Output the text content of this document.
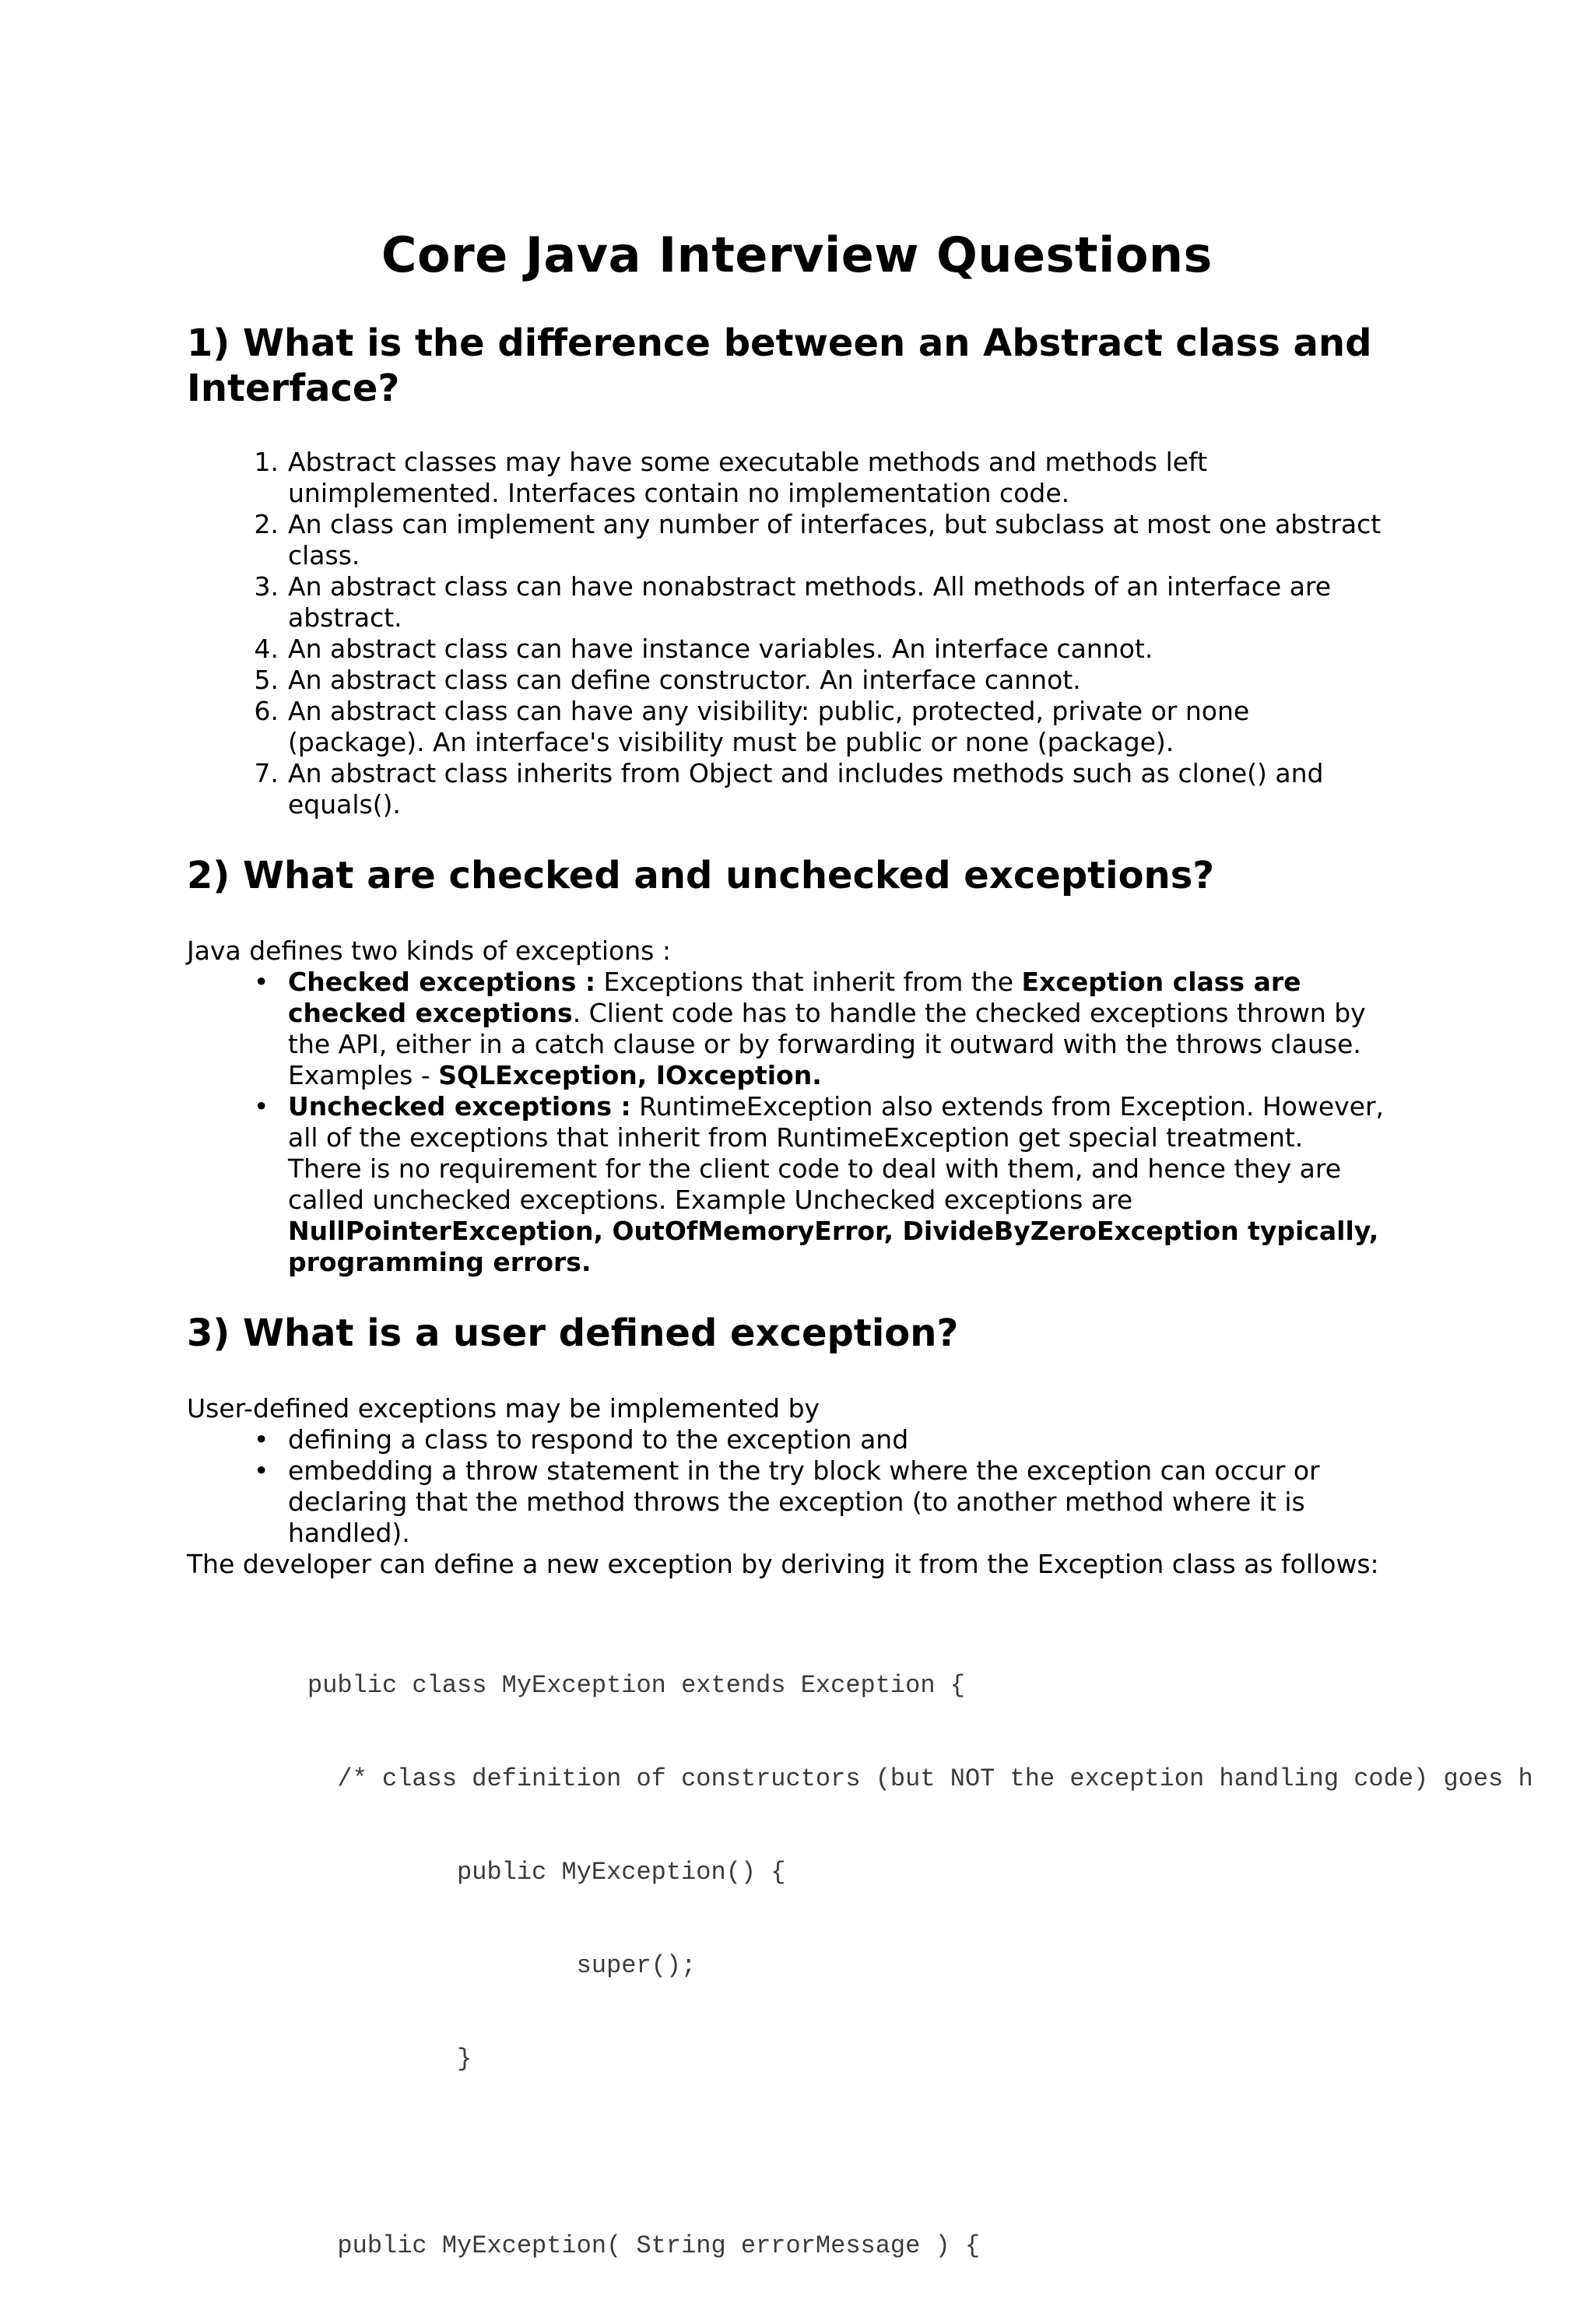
Core Java Interview Questions
1) What is the difference between an Abstract class and
Interface?
1. Abstract classes may have some executable methods and methods left
unimplemented. Interfaces contain no implementation code.
2. An class can implement any number of interfaces, but subclass at most one abstract
class.
3. An abstract class can have nonabstract methods. All methods of an interface are
abstract.
4. An abstract class can have instance variables. An interface cannot.
5. An abstract class can define constructor. An interface cannot.
6. An abstract class can have any visibility: public, protected, private or none
(package). An interface's visibility must be public or none (package).
7. An abstract class inherits from Object and includes methods such as clone() and
equals().
2) What are checked and unchecked exceptions?

Java defines two kinds of exceptions :

• Checked exceptions : Exceptions that inherit from the Exception class are
checked exceptions. Client code has to handle the checked exceptions thrown by
the API, either in a catch clause or by forwarding it outward with the throws clause.
Examples - SQLException, IOxception.
• Unchecked exceptions : RuntimeException also extends from Exception. However,
all of the exceptions that inherit from RuntimeException get special treatment.
There is no requirement for the client code to deal with them, and hence they are
called unchecked exceptions. Example Unchecked exceptions are
NullPointerException, OutOfMemoryError, DivideByZeroException typically,
programming errors.
3) What is a user defined exception?

User-defined exceptions may be implemented by

• defining a class to respond to the exception and
• embedding a throw statement in the try block where the exception can occur or
declaring that the method throws the exception (to another method where it is
handled).

The developer can define a new exception by deriving it from the Exception class as follows:

public class MyException extends Exception {

/* class definition of constructors (but NOT the exception handling code) goes h

public MyException() {

super();

}

public MyException( String errorMessage ) {
